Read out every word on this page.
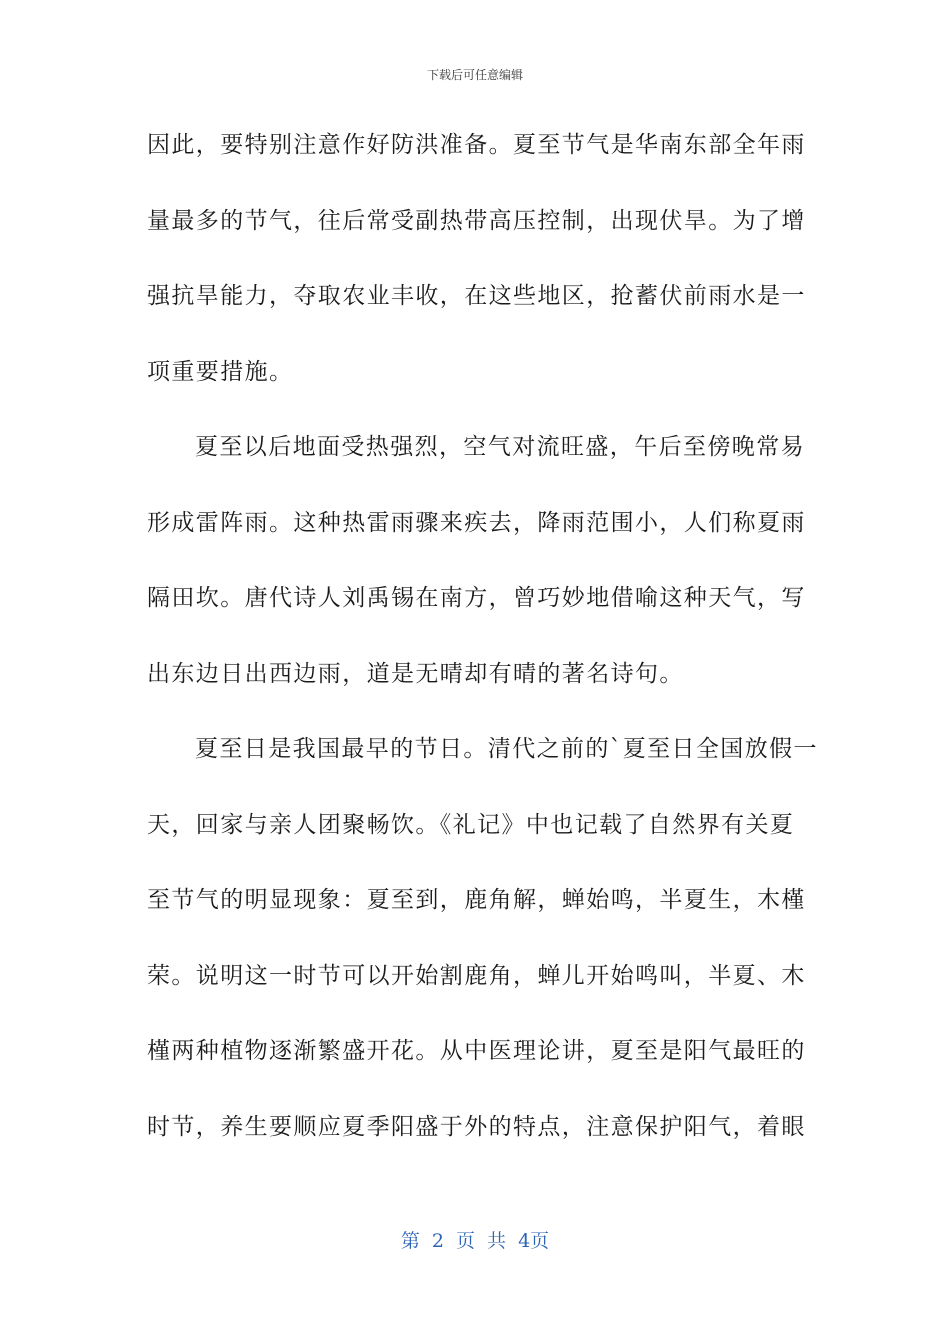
下载后可任意编辑
因此，要特别注意作好防洪准备。夏至节气是华南东部全年雨
量最多的节气，往后常受副热带高压控制，出现伏旱。为了增
强抗旱能力，夺取农业丰收，在这些地区，抢蓄伏前雨水是一
项重要措施。
夏至以后地面受热强烈，空气对流旺盛，午后至傍晚常易
形成雷阵雨。这种热雷雨骤来疾去，降雨范围小，人们称夏雨
隔田坎。唐代诗人刘禹锡在南方，曾巧妙地借喻这种天气，写
出东边日出西边雨，道是无晴却有晴的著名诗句。
夏至日是我国最早的节日。清代之前的`夏至日全国放假一
天，回家与亲人团聚畅饮。《礼记》中也记载了自然界有关夏
至节气的明显现象：夏至到，鹿角解，蝉始鸣，半夏生，木槿
荣。说明这一时节可以开始割鹿角，蝉儿开始鸣叫，半夏、木
槿两种植物逐渐繁盛开花。从中医理论讲，夏至是阳气最旺的
时节，养生要顺应夏季阳盛于外的特点，注意保护阳气，着眼
第 2 页 共 4页
